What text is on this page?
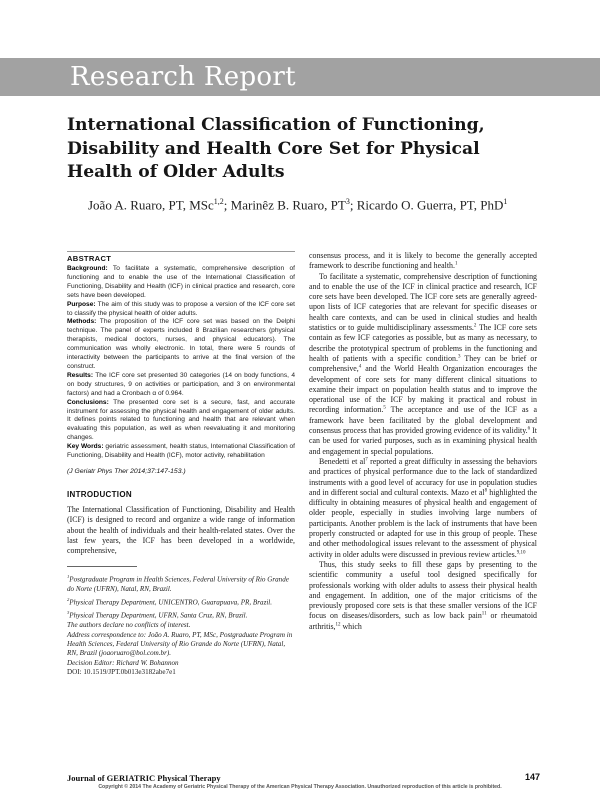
Research Report
International Classification of Functioning, Disability and Health Core Set for Physical Health of Older Adults

João A. Ruaro, PT, MSc$^{1,2}$; Marinêz B. Ruaro, $PT^3$; Ricardo O. Guerra, PT, PhD$^1$

ABSTRACT

Background: To facilitate a systematic, comprehensive description of functioning and to enable the use of the International Classification of Functioning, Disability and Health (ICF) in clinical practice and research, core sets have been developed.
Purpose: The aim of this study was to propose a version of the ICF core set to classify the physical health of older adults.
Methods: The proposition of the ICF core set was based on the Delphi technique. The panel of experts included 8 Brazilian researchers (physical therapists, medical doctors, nurses, and physical educators). The communication was wholly electronic. In total, there were 5 rounds of interactivity between the participants to arrive at the final version of the construct.
Results: The ICF core set presented 30 categories (14 on body functions, 4 on body structures, 9 on activities or participation, and 3 on environmental factors) and had a Cronbach α of 0.964.
Conclusions: The presented core set is a secure, fast, and accurate instrument for assessing the physical health and engagement of older adults. It defines points related to functioning and health that are relevant when evaluating this population, as well as when reevaluating it and monitoring changes.
Key Words: geriatric assessment, health status, International Classification of Functioning, Disability and Health (ICF), motor activity, rehabilitation

(J Geriatr Phys Ther 2014;37:147-153.)

INTRODUCTION

The International Classification of Functioning, Disability and Health (ICF) is designed to record and organize a wide range of information about the health of individuals and their health-related states. Over the last few years, the ICF has been developed in a worldwide, comprehensive,

$^1$Postgraduate Program in Health Sciences, Federal University of Rio Grande do Norte (UFRN), Natal, RN, Brazil.

$^2$Physical Therapy Department, UNICENTRO, Guarapuava, PR, Brazil.

$^3$Physical Therapy Department, UFRN, Santa Cruz, RN, Brazil.

The authors declare no conflicts of interest.

Address correspondence to: João A. Ruaro, PT, MSc, Postgraduate Program in Health Sciences, Federal University of Rio Grande do Norte (UFRN), Natal, RN, Brazil (joaoruaro@bol.com.br).

Decision Editor: Richard W. Bohannon

DOI: 10.1519/JPT.0b013e3182abe7e1

consensus process, and it is likely to become the generally accepted framework to describe functioning and health.$^1$

To facilitate a systematic, comprehensive description of functioning and to enable the use of the ICF in clinical practice and research, ICF core sets have been developed. The ICF core sets are generally agreed-upon lists of ICF categories that are relevant for specific diseases or health care contexts, and can be used in clinical studies and health statistics or to guide multidisciplinary assessments.$^2$ The ICF core sets contain as few ICF categories as possible, but as many as necessary, to describe the prototypical spectrum of problems in the functioning and health of patients with a specific condition.$^3$ They can be brief or comprehensive,$^4$ and the World Health Organization encourages the development of core sets for many different clinical situations to examine their impact on population health status and to improve the operational use of the ICF by making it practical and robust in recording information.$^5$ The acceptance and use of the ICF as a framework have been facilitated by the global development and consensus process that has provided growing evidence of its validity.$^6$ It can be used for varied purposes, such as in examining physical health and engagement in special populations.

Benedetti et $al^7$ reported a great difficulty in assessing the behaviors and practices of physical performance due to the lack of standardized instruments with a good level of accuracy for use in population studies and in different social and cultural contexts. Mazo et $al^8$ highlighted the difficulty in obtaining measures of physical health and engagement of older people, especially in studies involving large numbers of participants. Another problem is the lack of instruments that have been properly constructed or adapted for use in this group of people. These and other methodological issues relevant to the assessment of physical activity in older adults were discussed in previous review articles.$^{9,10}$

Thus, this study seeks to fill these gaps by presenting to the scientific community a useful tool designed specifically for professionals working with older adults to assess their physical health and engagement. In addition, one of the major criticisms of the previously proposed core sets is that these smaller versions of the ICF focus on diseases/disorders, such as low back pain$^{11}$ or rheumatoid arthritis,$^{12}$ which

Journal of GERIATRIC Physical Therapy	147
Copyright © 2014 The Academy of Geriatric Physical Therapy of the American Physical Therapy Association. Unauthorized reproduction of this article is prohibited.
